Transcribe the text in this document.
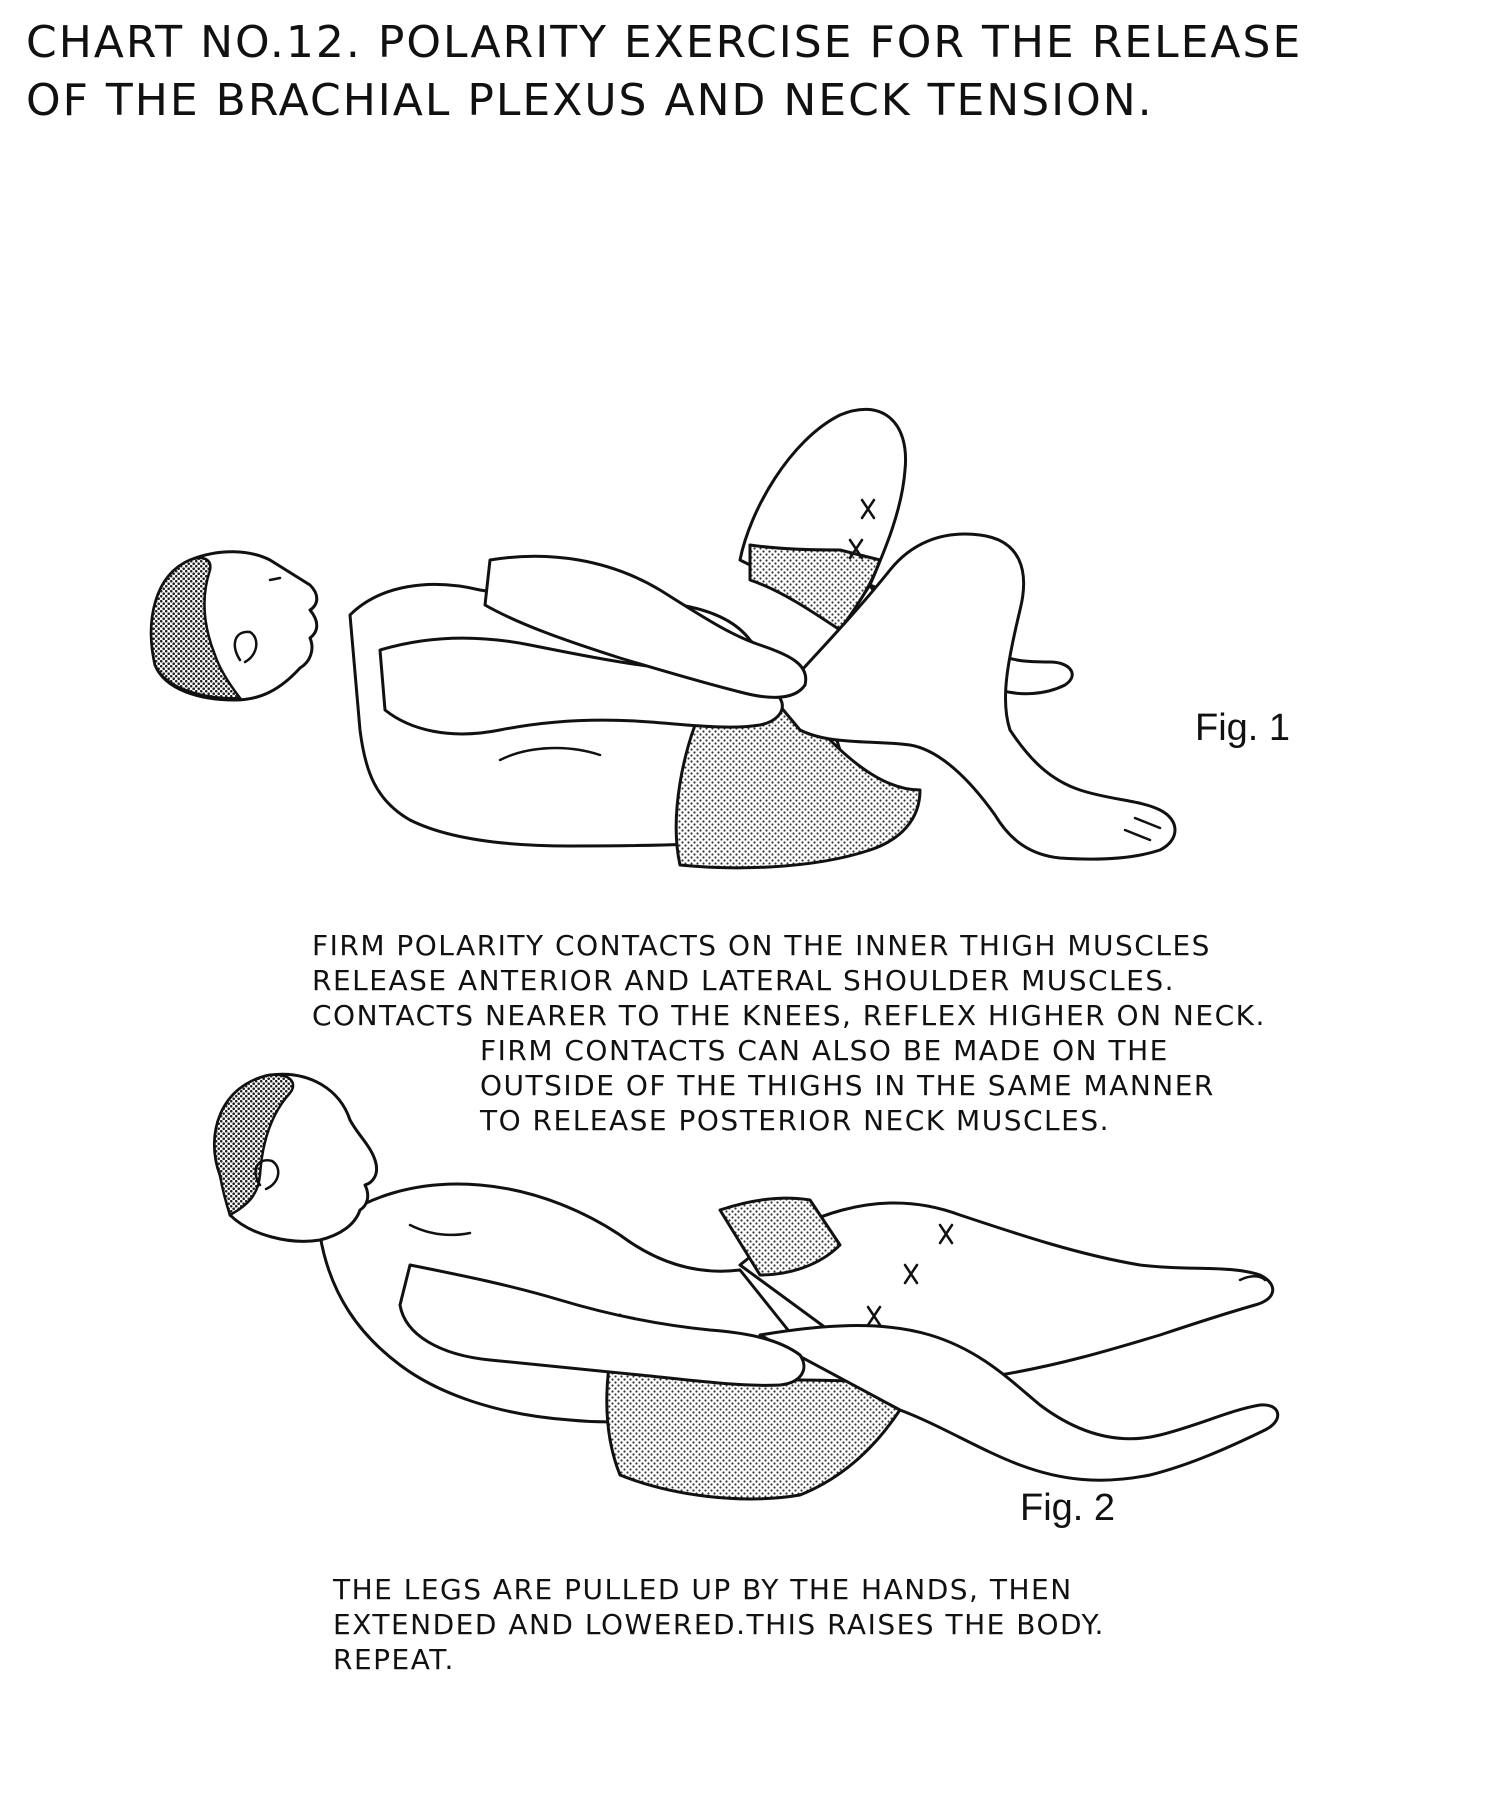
CHART NO.12. POLARITY EXERCISE FOR THE RELEASE
OF THE BRACHIAL PLEXUS AND NECK TENSION.
Fig. 1
FIRM POLARITY CONTACTS ON THE INNER THIGH MUSCLES
RELEASE ANTERIOR AND LATERAL SHOULDER MUSCLES.
CONTACTS NEARER TO THE KNEES, REFLEX HIGHER ON NECK.
FIRM CONTACTS CAN ALSO BE MADE ON THE
OUTSIDE OF THE THIGHS IN THE SAME MANNER
TO RELEASE POSTERIOR NECK MUSCLES.
Fig. 2
THE LEGS ARE PULLED UP BY THE HANDS, THEN
EXTENDED AND LOWERED.THIS RAISES THE BODY.
REPEAT.
